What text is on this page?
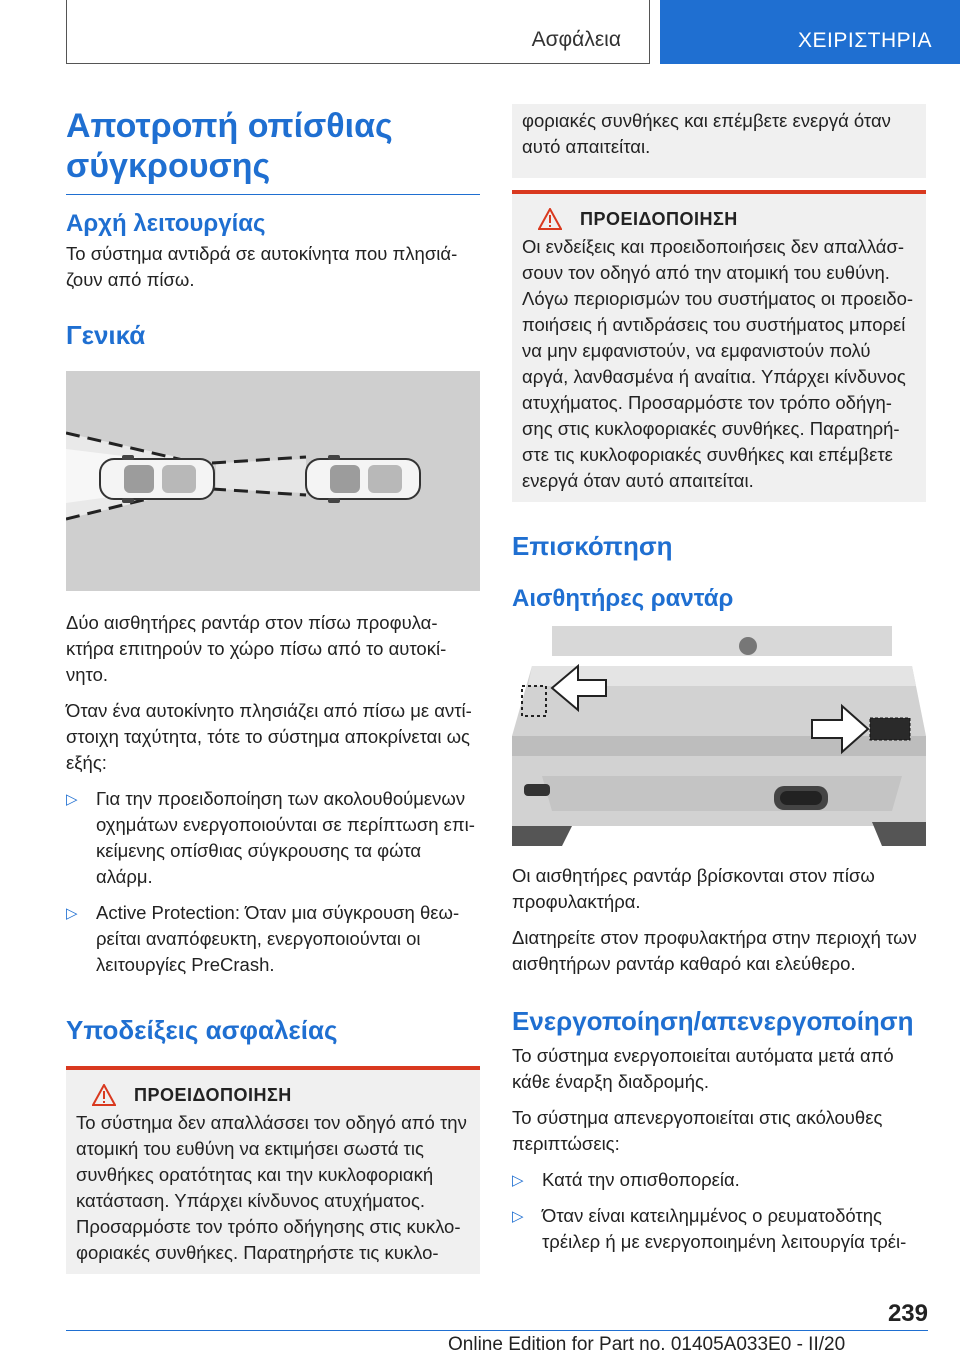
Ασφάλεια	ΧΕΙΡΙΣΤΗΡΙΑ
Αποτροπή οπίσθιας σύγκρουσης
Αρχή λειτουργίας

Το σύστημα αντιδρά σε αυτοκίνητα που πλησιά-ζουν από πίσω.

Γενικά

Δύο αισθητήρες ραντάρ στον πίσω προφυλα-κτήρα επιτηρούν το χώρο πίσω από το αυτοκί-νητο.

Όταν ένα αυτοκίνητο πλησιάζει από πίσω με αντί-στοιχη ταχύτητα, τότε το σύστημα αποκρίνεται ως εξής:

▷ Για την προειδοποίηση των ακολουθούμενων οχημάτων ενεργοποιούνται σε περίπτωση επι-κείμενης οπίσθιας σύγκρουσης τα φώτα αλάρμ.
▷ Active Protection: Όταν μια σύγκρουση θεω-ρείται αναπόφευκτη, ενεργοποιούνται οι λειτουργίες PreCrash.
Υποδείξεις ασφαλείας
ΠΡΟΕΙΔΟΠΟΙΗΣΗ

Το σύστημα δεν απαλλάσσει τον οδηγό από την ατομική του ευθύνη να εκτιμήσει σωστά τις συνθήκες ορατότητας και την κυκλοφοριακή κατάσταση. Υπάρχει κίνδυνος ατυχήματος. Προσαρμόστε τον τρόπο οδήγησης στις κυκλο-φοριακές συνθήκες. Παρατηρήστε τις κυκλο-

φοριακές συνθήκες και επέμβετε ενεργά όταν αυτό απαιτείται.

ΠΡΟΕΙΔΟΠΟΙΗΣΗ

Οι ενδείξεις και προειδοποιήσεις δεν απαλλάσ-σουν τον οδηγό από την ατομική του ευθύνη. Λόγω περιορισμών του συστήματος οι προειδο-ποιήσεις ή αντιδράσεις του συστήματος μπορεί να μην εμφανιστούν, να εμφανιστούν πολύ αργά, λανθασμένα ή αναίτια. Υπάρχει κίνδυνος ατυχήματος. Προσαρμόστε τον τρόπο οδήγη-σης στις κυκλοφοριακές συνθήκες. Παρατηρή-στε τις κυκλοφοριακές συνθήκες και επέμβετε ενεργά όταν αυτό απαιτείται.

Επισκόπηση
Αισθητήρες ραντάρ

Οι αισθητήρες ραντάρ βρίσκονται στον πίσω προφυλακτήρα.

Διατηρείτε στον προφυλακτήρα στην περιοχή των αισθητήρων ραντάρ καθαρό και ελεύθερο.

Ενεργοποίηση/απενεργοποίηση

Το σύστημα ενεργοποιείται αυτόματα μετά από κάθε έναρξη διαδρομής.

Το σύστημα απενεργοποιείται στις ακόλουθες περιπτώσεις:

▷ Κατά την οπισθοπορεία.
▷ Όταν είναι κατειλημμένος ο ρευματοδότης τρέιλερ ή με ενεργοποιημένη λειτουργία τρέι-
239
Online Edition for Part no. 01405A033E0 - II/20
